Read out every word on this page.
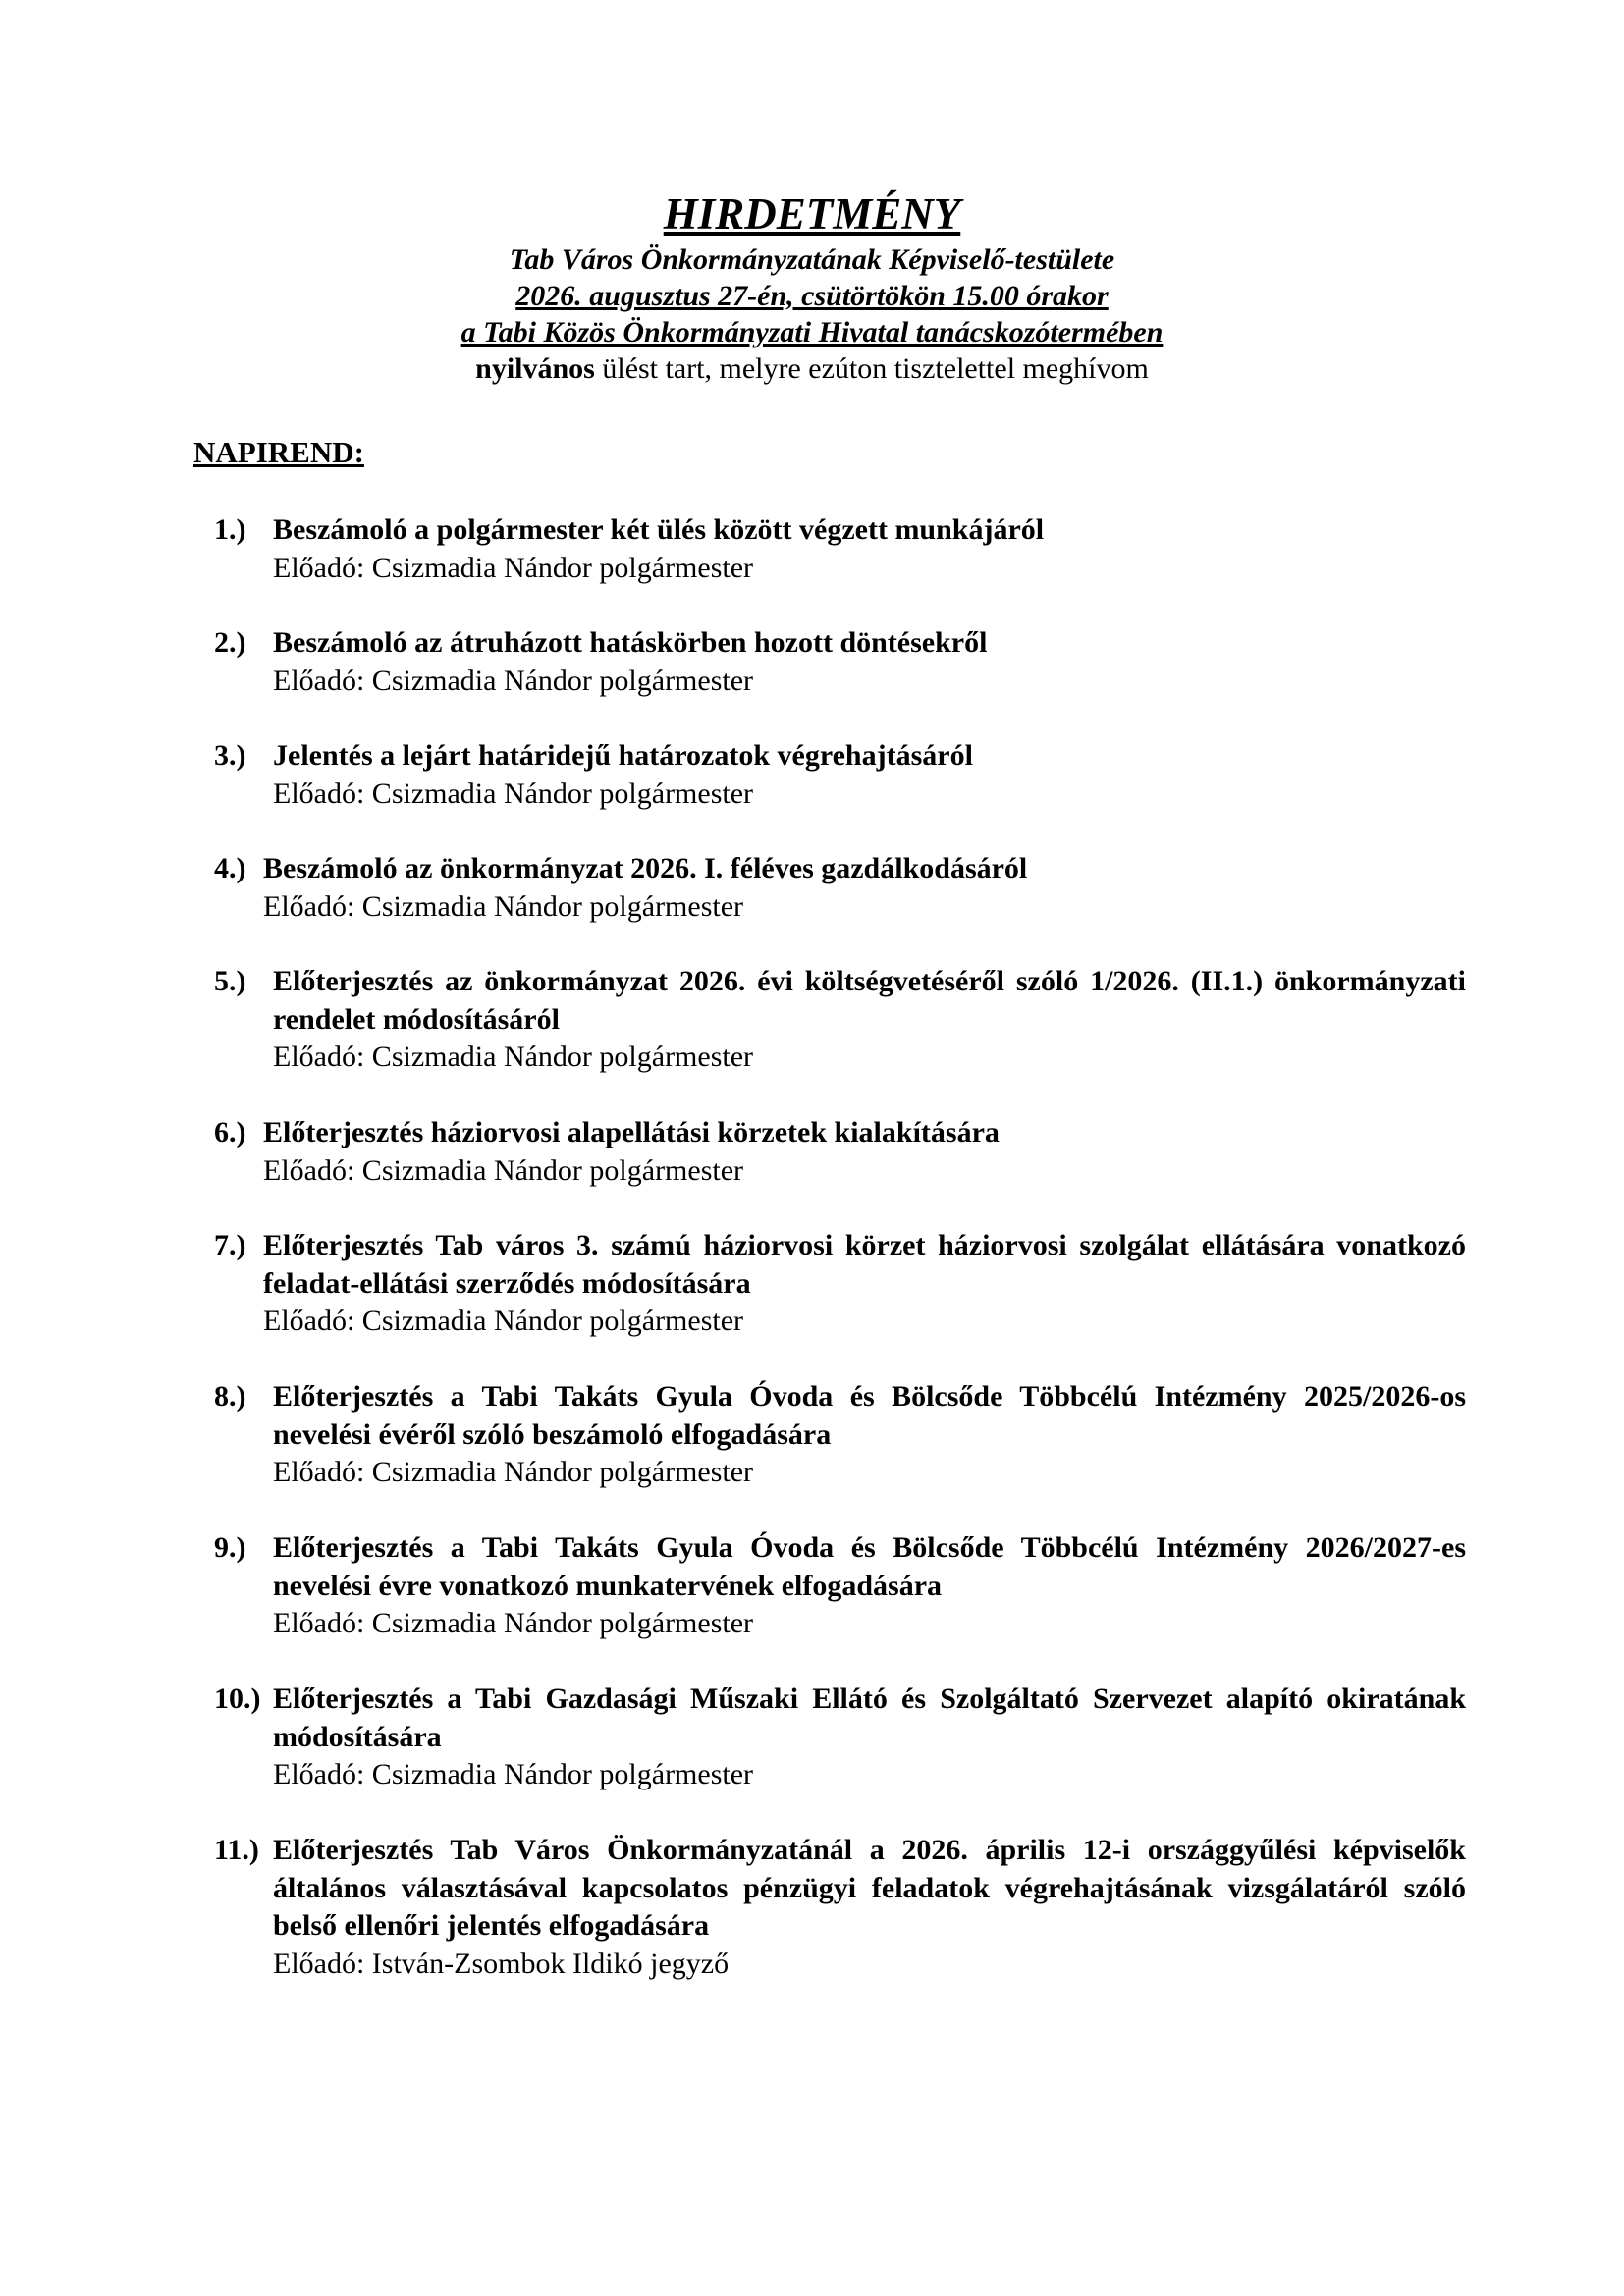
HIRDETMÉNY
Tab Város Önkormányzatának Képviselő-testülete
2026. augusztus 27-én, csütörtökön 15.00 órakor
a Tabi Közös Önkormányzati Hivatal tanácskozótermében
nyilvános ülést tart, melyre ezúton tisztelettel meghívom
NAPIREND:
1.) Beszámoló a polgármester két ülés között végzett munkájáról
Előadó: Csizmadia Nándor polgármester
2.) Beszámoló az átruházott hatáskörben hozott döntésekről
Előadó: Csizmadia Nándor polgármester
3.) Jelentés a lejárt határidejű határozatok végrehajtásáról
Előadó: Csizmadia Nándor polgármester
4.) Beszámoló az önkormányzat 2026. I. féléves gazdálkodásáról
Előadó: Csizmadia Nándor polgármester
5.) Előterjesztés az önkormányzat 2026. évi költségvetéséről szóló 1/2026. (II.1.) önkormányzati rendelet módosításáról
Előadó: Csizmadia Nándor polgármester
6.) Előterjesztés háziorvosi alapellátási körzetek kialakítására
Előadó: Csizmadia Nándor polgármester
7.) Előterjesztés Tab város 3. számú háziorvosi körzet háziorvosi szolgálat ellátására vonatkozó feladat-ellátási szerződés módosítására
Előadó: Csizmadia Nándor polgármester
8.) Előterjesztés a Tabi Takáts Gyula Óvoda és Bölcsőde Többcélú Intézmény 2025/2026-os nevelési évéről szóló beszámoló elfogadására
Előadó: Csizmadia Nándor polgármester
9.) Előterjesztés a Tabi Takáts Gyula Óvoda és Bölcsőde Többcélú Intézmény 2026/2027-es nevelési évre vonatkozó munkatervének elfogadására
Előadó: Csizmadia Nándor polgármester
10.) Előterjesztés a Tabi Gazdasági Műszaki Ellátó és Szolgáltató Szervezet alapító okiratának módosítására
Előadó: Csizmadia Nándor polgármester
11.) Előterjesztés Tab Város Önkormányzatánál a 2026. április 12-i országgyűlési képviselők általános választásával kapcsolatos pénzügyi feladatok végrehajtásának vizsgálatáról szóló belső ellenőri jelentés elfogadására
Előadó: István-Zsombok Ildikó jegyző
